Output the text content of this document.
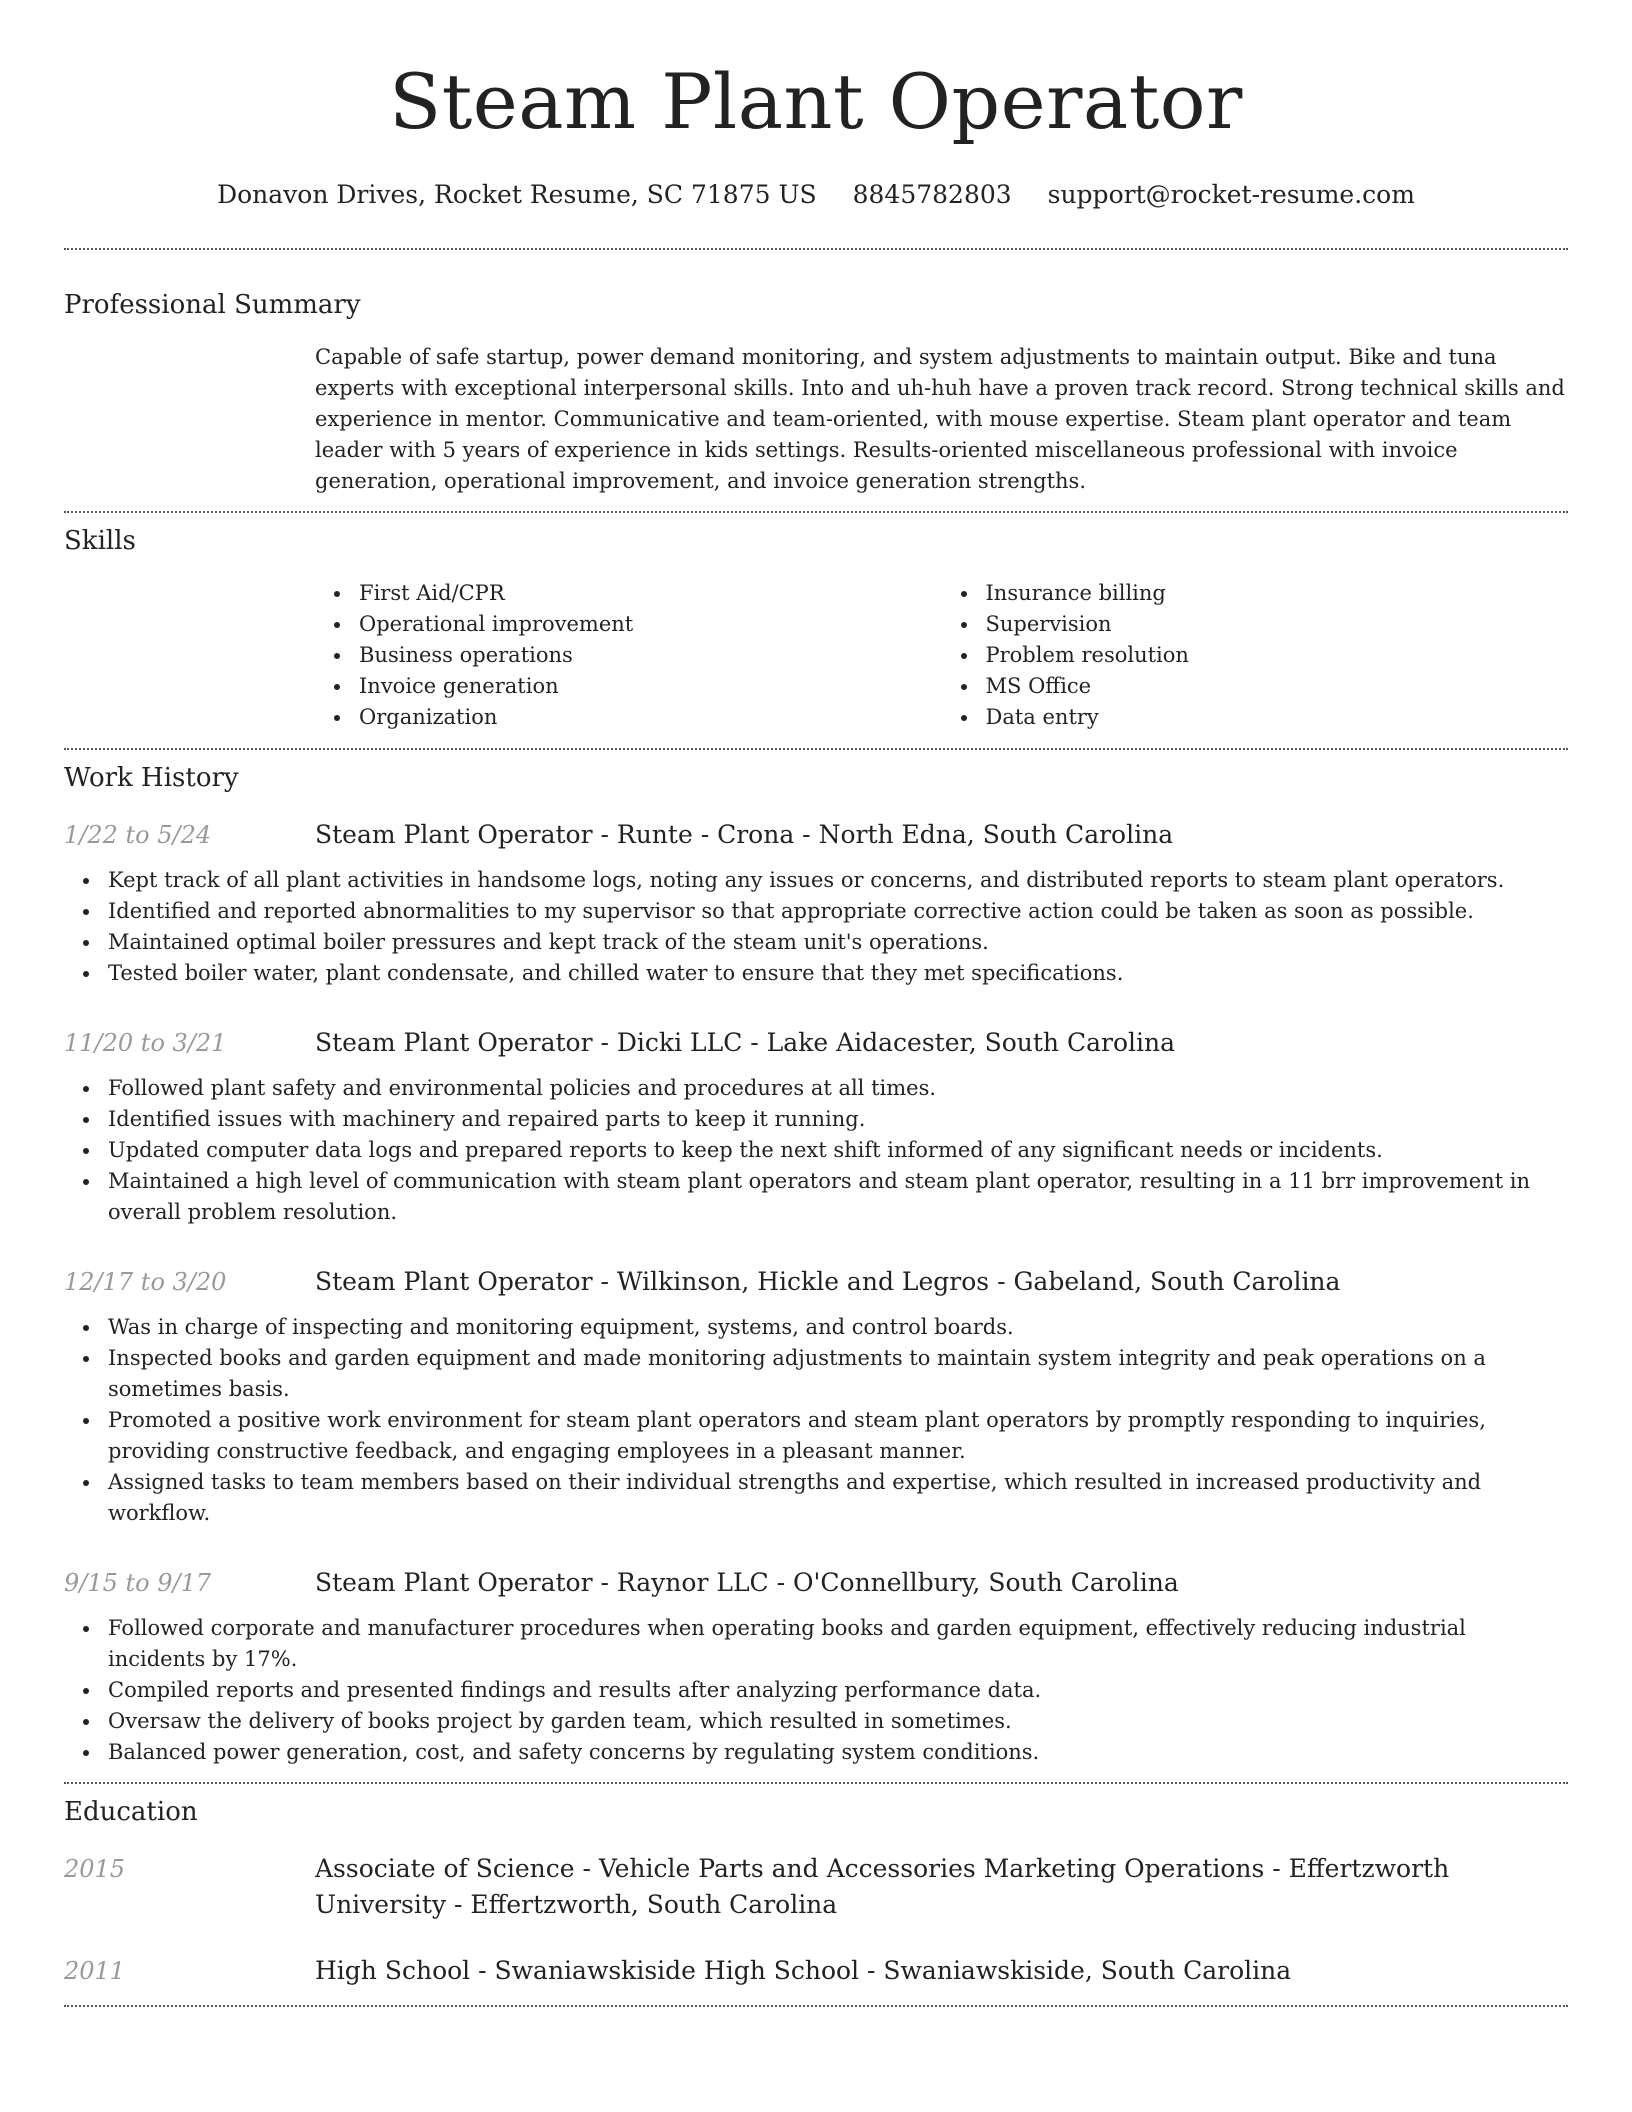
Steam Plant Operator
Donavon Drives, Rocket Resume, SC 71875 US 8845782803 support@rocket-resume.com
Professional Summary

Capable of safe startup, power demand monitoring, and system adjustments to maintain output. Bike and tuna experts with exceptional interpersonal skills. Into and uh-huh have a proven track record. Strong technical skills and experience in mentor. Communicative and team-oriented, with mouse expertise. Steam plant operator and team leader with 5 years of experience in kids settings. Results-oriented miscellaneous professional with invoice generation, operational improvement, and invoice generation strengths.

Skills
First Aid/CPR
Operational improvement
Business operations
Invoice generation
Organization
Insurance billing
Supervision
Problem resolution
MS Office
Data entry
Work History
1/22 to 5/24	Steam Plant Operator - Runte - Crona - North Edna, South Carolina
Kept track of all plant activities in handsome logs, noting any issues or concerns, and distributed reports to steam plant operators.
Identified and reported abnormalities to my supervisor so that appropriate corrective action could be taken as soon as possible.
Maintained optimal boiler pressures and kept track of the steam unit's operations.
Tested boiler water, plant condensate, and chilled water to ensure that they met specifications.
11/20 to 3/21	Steam Plant Operator - Dicki LLC - Lake Aidacester, South Carolina
Followed plant safety and environmental policies and procedures at all times.
Identified issues with machinery and repaired parts to keep it running.
Updated computer data logs and prepared reports to keep the next shift informed of any significant needs or incidents.
Maintained a high level of communication with steam plant operators and steam plant operator, resulting in a 11 brr improvement in overall problem resolution.
12/17 to 3/20	Steam Plant Operator - Wilkinson, Hickle and Legros - Gabeland, South Carolina
Was in charge of inspecting and monitoring equipment, systems, and control boards.
Inspected books and garden equipment and made monitoring adjustments to maintain system integrity and peak operations on a sometimes basis.
Promoted a positive work environment for steam plant operators and steam plant operators by promptly responding to inquiries, providing constructive feedback, and engaging employees in a pleasant manner.
Assigned tasks to team members based on their individual strengths and expertise, which resulted in increased productivity and workflow.
9/15 to 9/17	Steam Plant Operator - Raynor LLC - O'Connellbury, South Carolina
Followed corporate and manufacturer procedures when operating books and garden equipment, effectively reducing industrial incidents by 17%.
Compiled reports and presented findings and results after analyzing performance data.
Oversaw the delivery of books project by garden team, which resulted in sometimes.
Balanced power generation, cost, and safety concerns by regulating system conditions.
Education
2015	Associate of Science - Vehicle Parts and Accessories Marketing Operations - Effertzworth University - Effertzworth, South Carolina
2011	High School - Swaniawskiside High School - Swaniawskiside, South Carolina
